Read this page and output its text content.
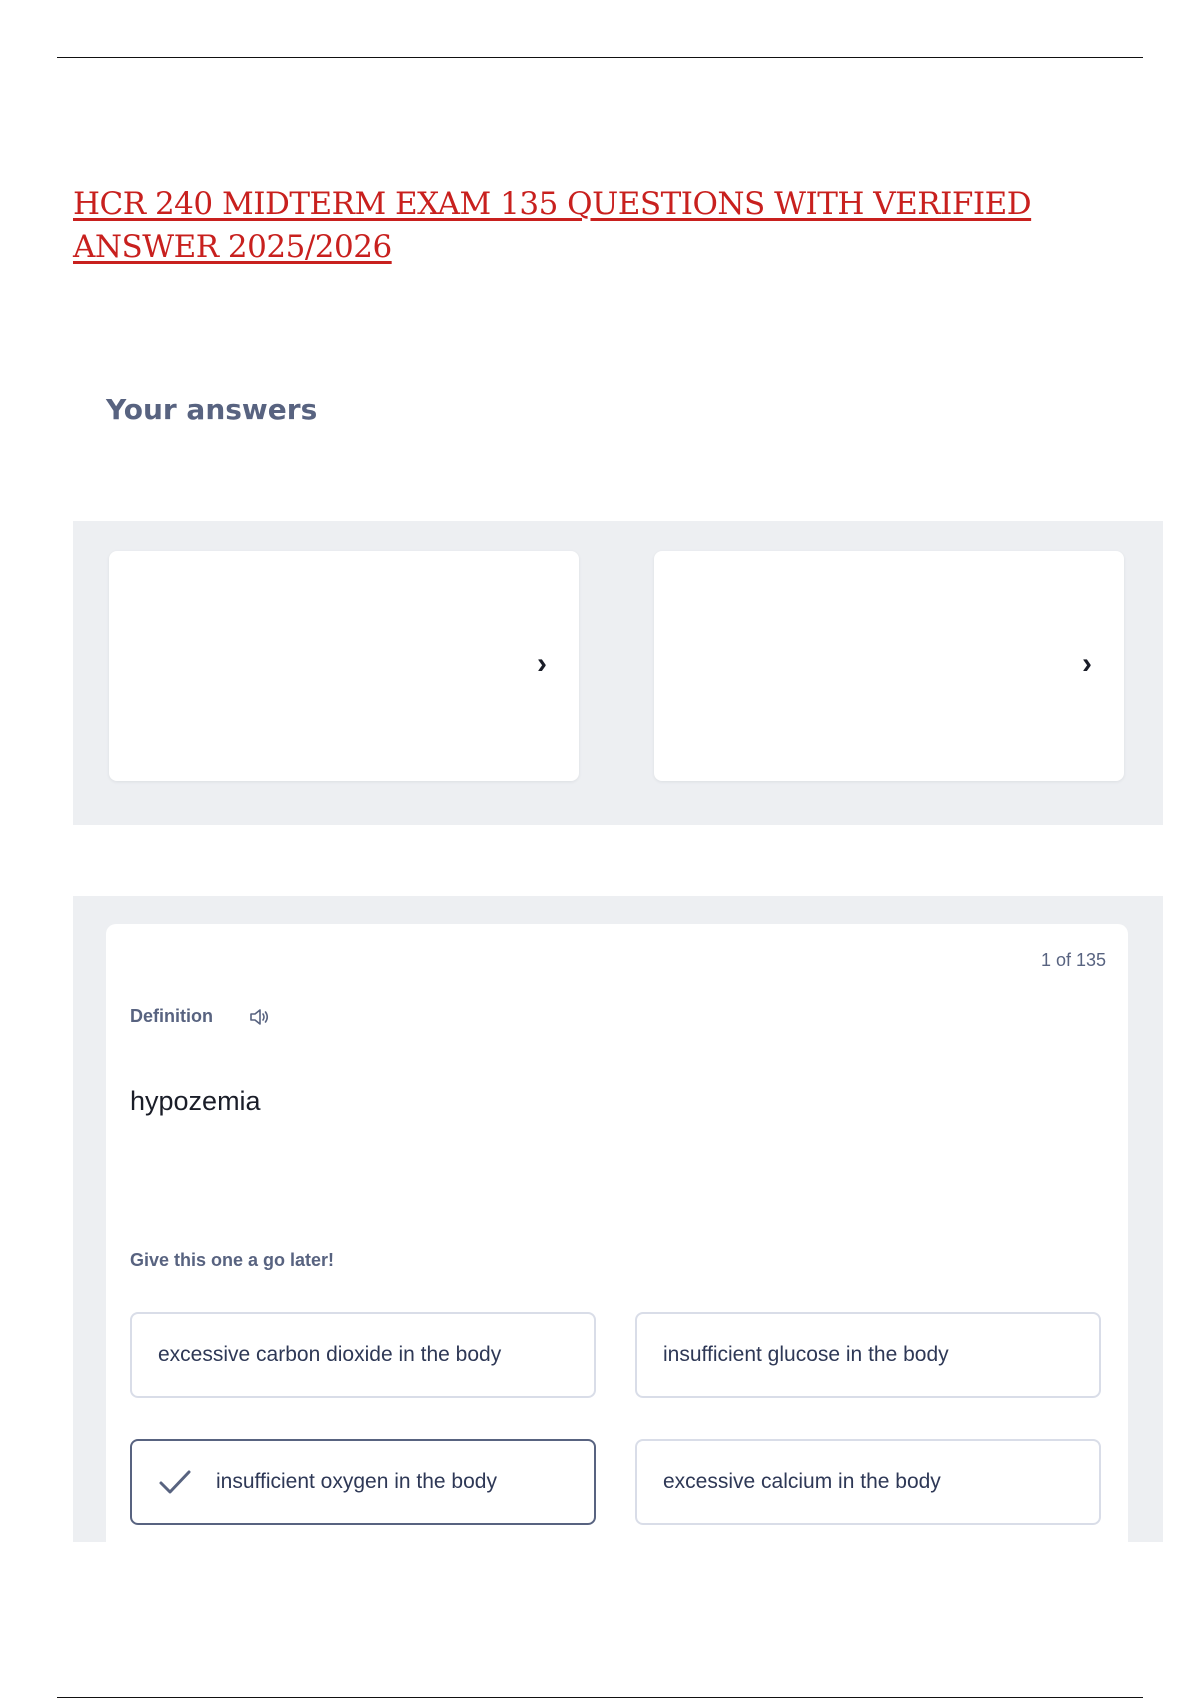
HCR 240 MIDTERM EXAM 135 QUESTIONS WITH VERIFIED ANSWER 2025/2026
Your answers
›	›
1 of 135
Definition
hypozemia
Give this one a go later!
excessive carbon dioxide in the body	insufficient glucose in the body
insufficient oxygen in the body	excessive calcium in the body
